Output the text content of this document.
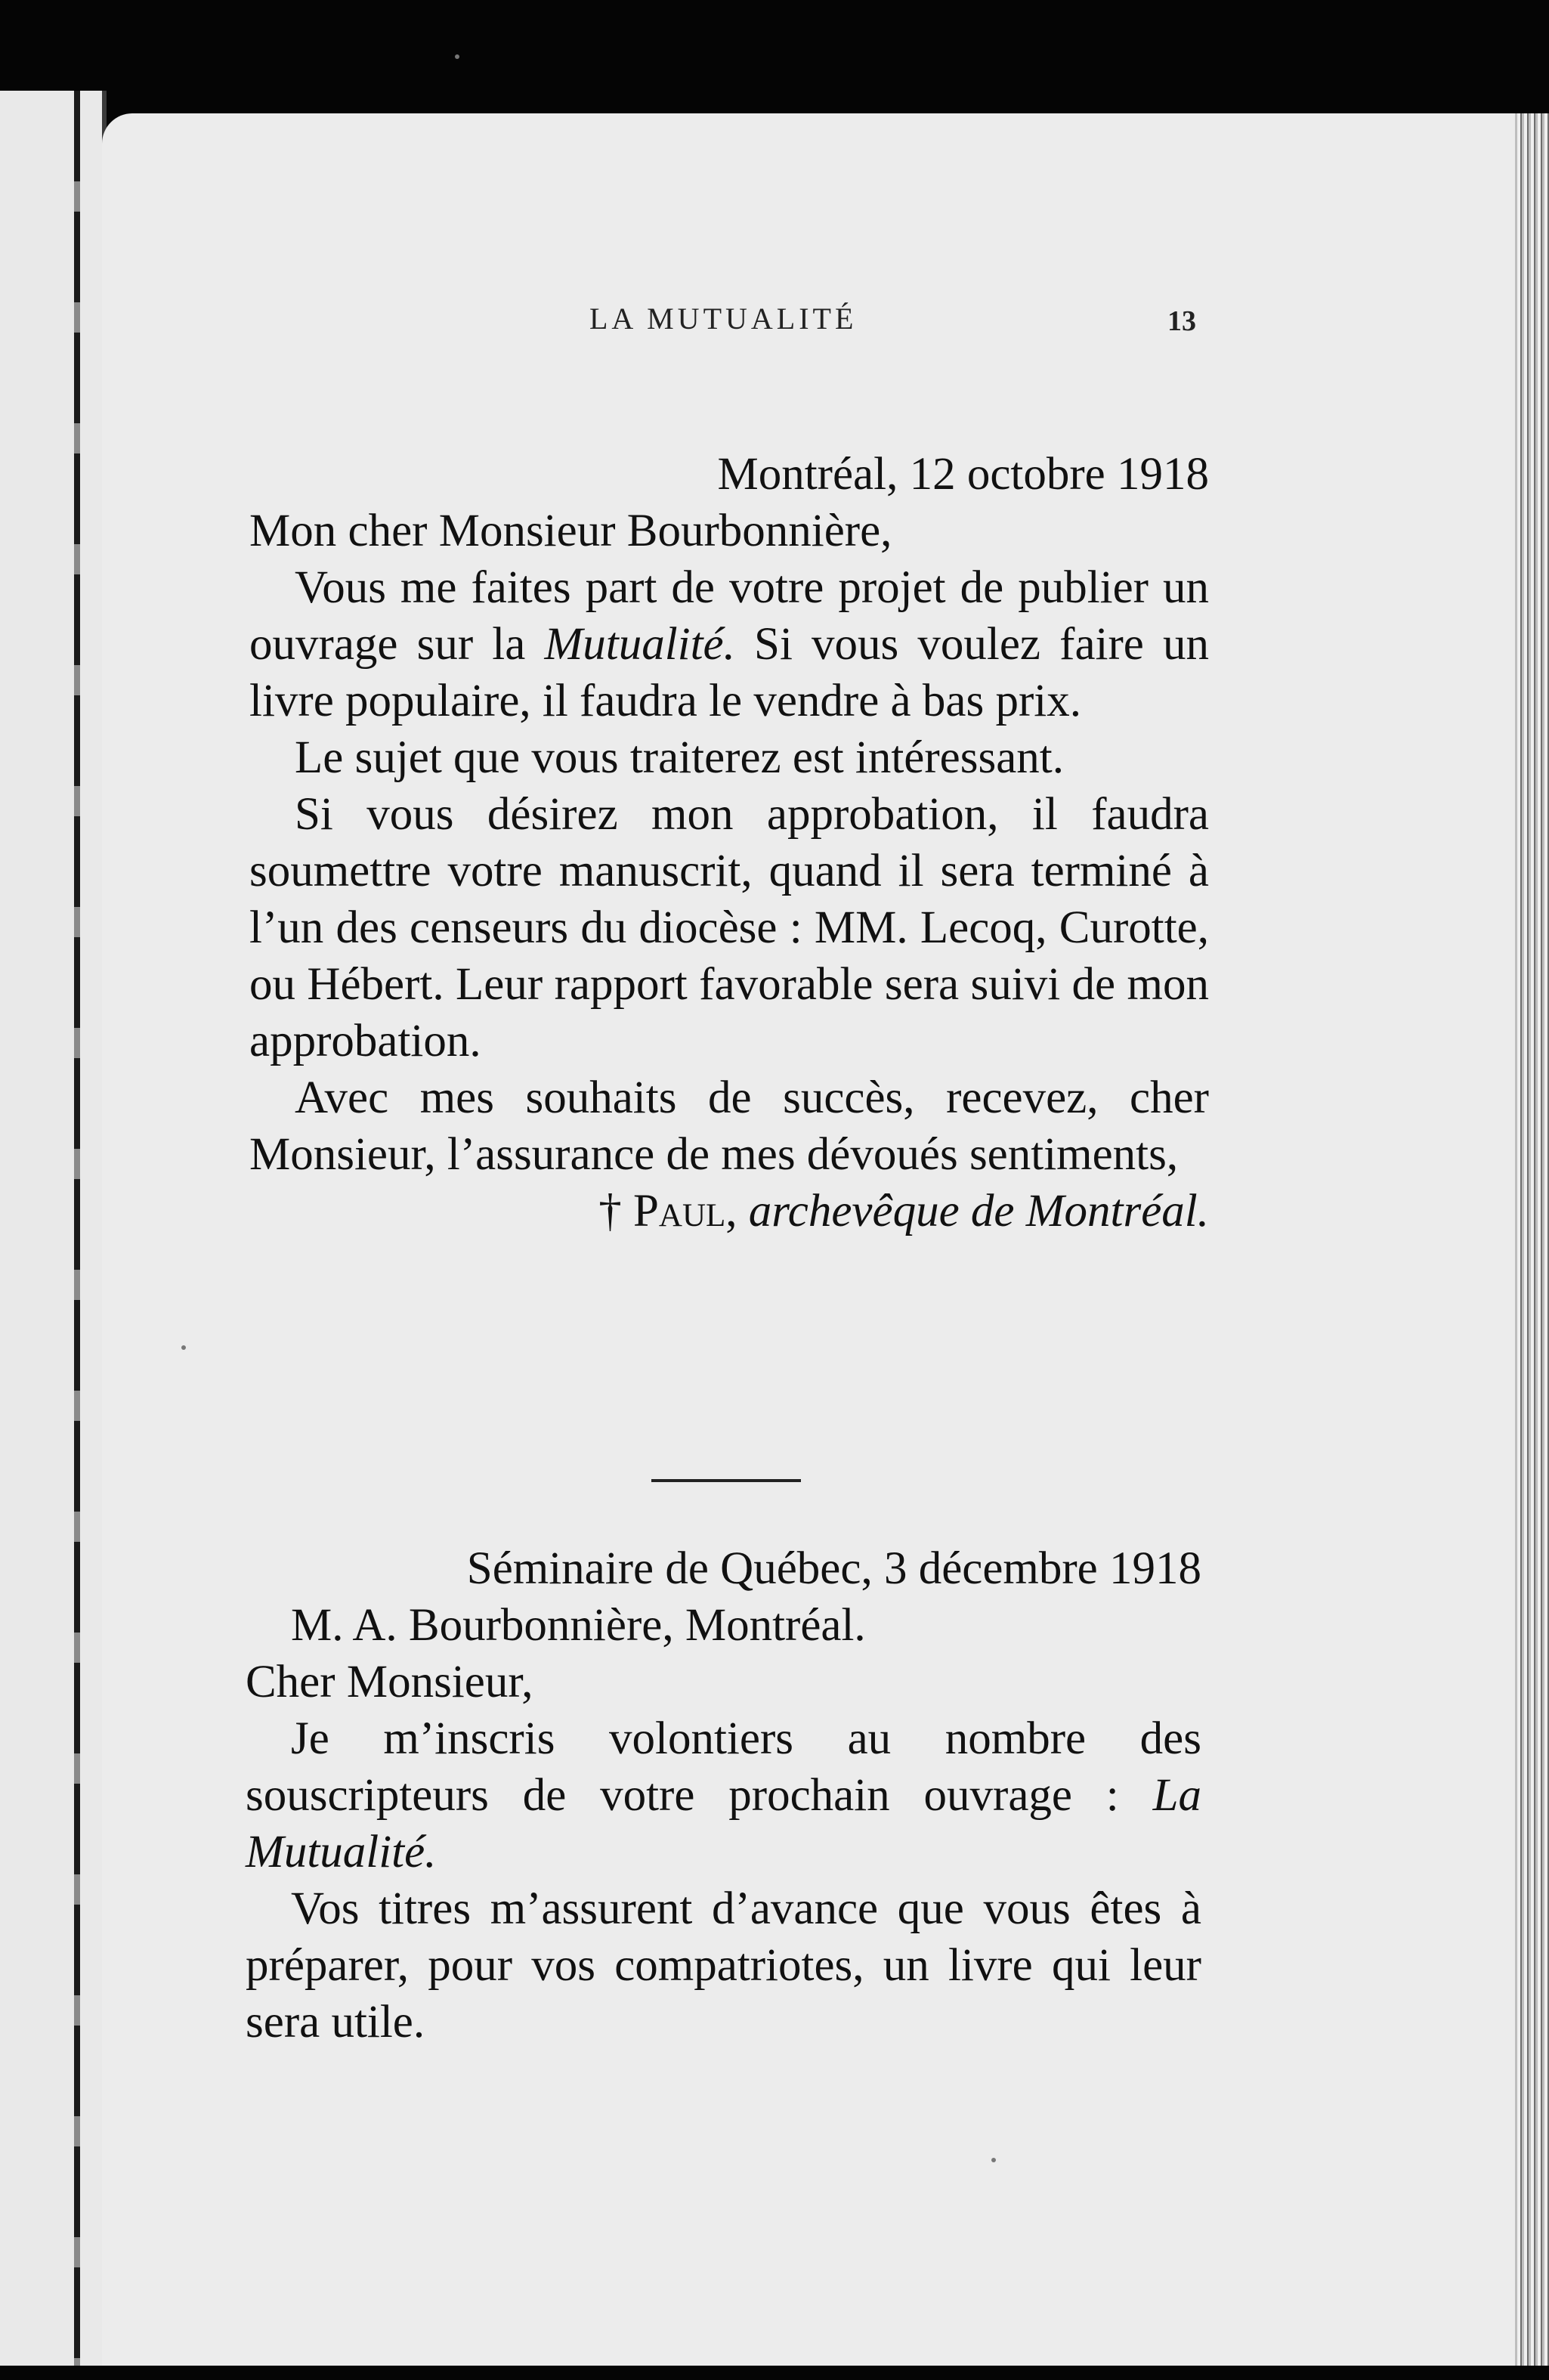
LA MUTUALITÉ	13

Montréal, 12 octobre 1918

Mon cher Monsieur Bourbonnière,

Vous me faites part de votre projet de publier un ouvrage sur la Mutualité. Si vous voulez faire un livre populaire, il faudra le vendre à bas prix.

Le sujet que vous traiterez est intéressant.

Si vous désirez mon approbation, il faudra soumettre votre manuscrit, quand il sera terminé à l’un des censeurs du diocèse : MM. Lecoq, Curotte, ou Hébert. Leur rapport favorable sera suivi de mon approbation.

Avec mes souhaits de succès, recevez, cher Monsieur, l’assurance de mes dévoués sentiments,

† Paul, archevêque de Montréal.

Séminaire de Québec, 3 décembre 1918

M. A. Bourbonnière, Montréal.

Cher Monsieur,

Je m’inscris volontiers au nombre des souscripteurs de votre prochain ouvrage : La Mutualité.

Vos titres m’assurent d’avance que vous êtes à préparer, pour vos compatriotes, un livre qui leur sera utile.
